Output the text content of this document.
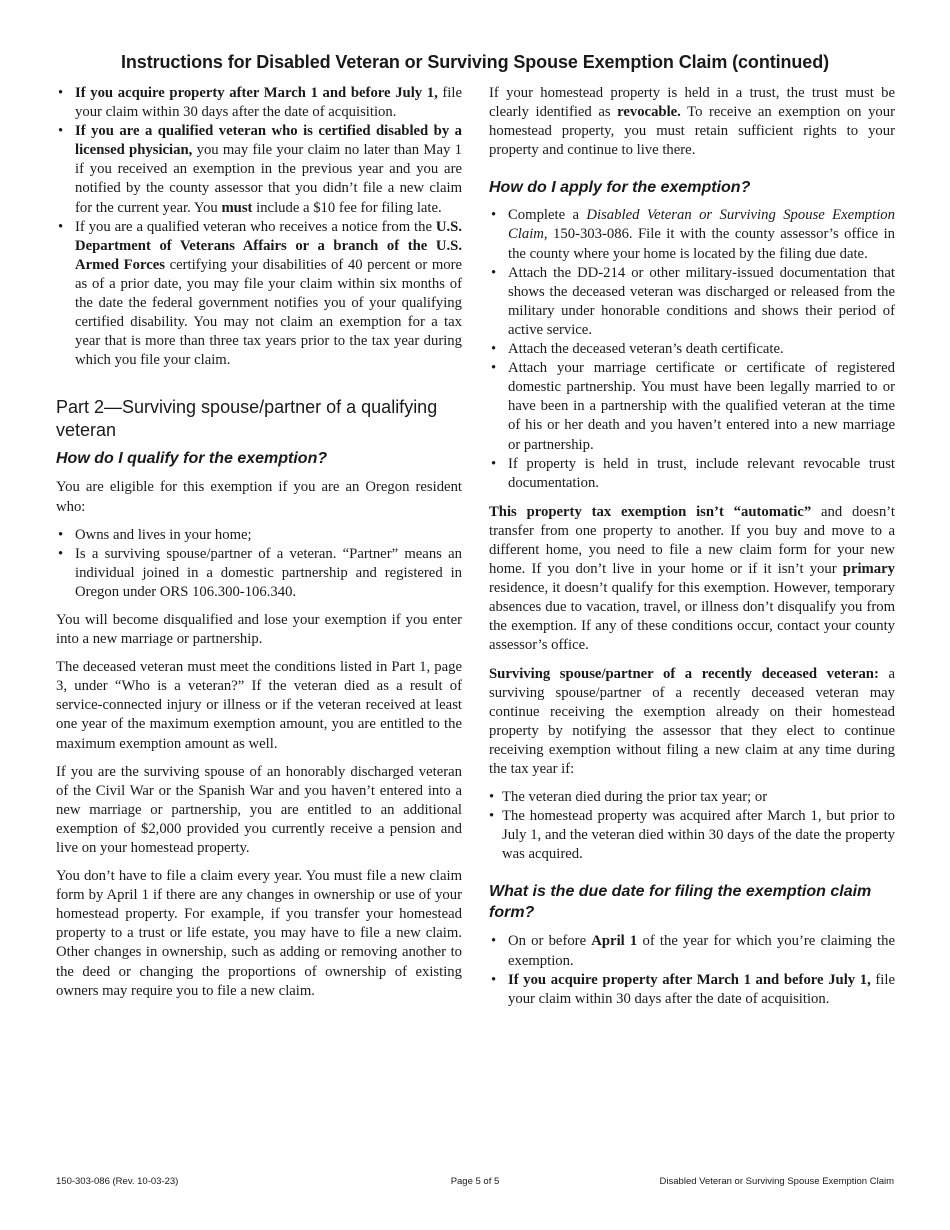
Instructions for Disabled Veteran or Surviving Spouse Exemption Claim (continued)
• If you acquire property after March 1 and before July 1, file your claim within 30 days after the date of acquisition.
• If you are a qualified veteran who is certified disabled by a licensed physician, you may file your claim no later than May 1 if you received an exemption in the previous year and you are notified by the county assessor that you didn’t file a new claim for the current year. You must include a $10 fee for filing late.
• If you are a qualified veteran who receives a notice from the U.S. Department of Veterans Affairs or a branch of the U.S. Armed Forces certifying your disabilities of 40 percent or more as of a prior date, you may file your claim within six months of the date the federal government notifies you of your qualifying certified disability. You may not claim an exemption for a tax year that is more than three tax years prior to the tax year during which you file your claim.
Part 2—Surviving spouse/partner of a qualifying veteran
How do I qualify for the exemption?

You are eligible for this exemption if you are an Oregon resident who:

• Owns and lives in your home;
• Is a surviving spouse/partner of a veteran. “Partner” means an individual joined in a domestic partnership and registered in Oregon under ORS 106.300-106.340.

You will become disqualified and lose your exemption if you enter into a new marriage or partnership.

The deceased veteran must meet the conditions listed in Part 1, page 3, under “Who is a veteran?” If the veteran died as a result of service-connected injury or illness or if the veteran received at least one year of the maximum exemption amount, you are entitled to the maximum exemption amount as well.

If you are the surviving spouse of an honorably discharged veteran of the Civil War or the Spanish War and you haven’t entered into a new marriage or partnership, you are entitled to an additional exemption of $2,000 provided you currently receive a pension and live on your homestead property.

You don’t have to file a claim every year. You must file a new claim form by April 1 if there are any changes in ownership or use of your homestead property. For example, if you transfer your homestead property to a trust or life estate, you may have to file a new claim. Other changes in ownership, such as adding or removing another to the deed or changing the proportions of ownership of existing owners may require you to file a new claim.

If your homestead property is held in a trust, the trust must be clearly identified as revocable. To receive an exemption on your homestead property, you must retain sufficient rights to your property and continue to live there.

How do I apply for the exemption?
• Complete a Disabled Veteran or Surviving Spouse Exemption Claim, 150-303-086. File it with the county assessor’s office in the county where your home is located by the filing due date.
• Attach the DD-214 or other military-issued documentation that shows the deceased veteran was discharged or released from the military under honorable conditions and shows their period of active service.
• Attach the deceased veteran’s death certificate.
• Attach your marriage certificate or certificate of registered domestic partnership. You must have been legally married to or have been in a partnership with the qualified veteran at the time of his or her death and you haven’t entered into a new marriage or partnership.
• If property is held in trust, include relevant revocable trust documentation.

This property tax exemption isn’t “automatic” and doesn’t transfer from one property to another. If you buy and move to a different home, you need to file a new claim form for your new home. If you don’t live in your home or if it isn’t your primary residence, it doesn’t qualify for this exemption. However, temporary absences due to vacation, travel, or illness don’t disqualify you from the exemption. If any of these conditions occur, contact your county assessor’s office.

Surviving spouse/partner of a recently deceased veteran: a surviving spouse/partner of a recently deceased veteran may continue receiving the exemption already on their homestead property by notifying the assessor that they elect to continue receiving exemption without filing a new claim at any time during the tax year if:

• The veteran died during the prior tax year; or
• The homestead property was acquired after March 1, but prior to July 1, and the veteran died within 30 days of the date the property was acquired.
What is the due date for filing the exemption claim form?
• On or before April 1 of the year for which you’re claiming the exemption.
• If you acquire property after March 1 and before July 1, file your claim within 30 days after the date of acquisition.
150-303-086 (Rev. 10-03-23)	Page 5 of 5	Disabled Veteran or Surviving Spouse Exemption Claim
